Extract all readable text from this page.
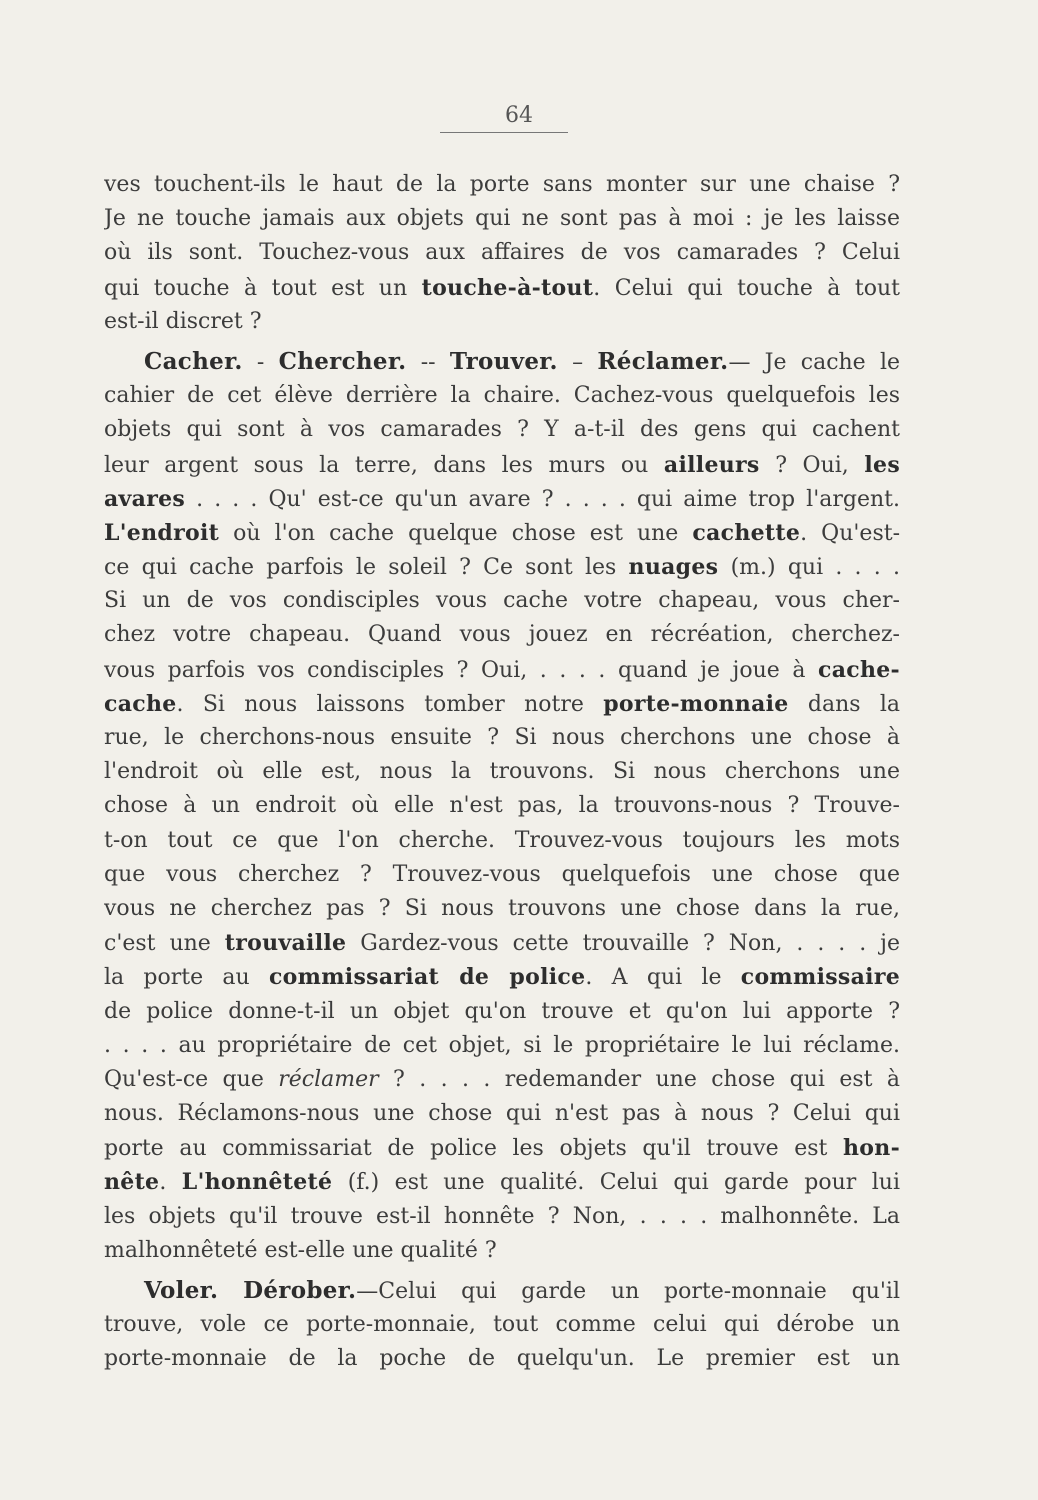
64
ves touchent-ils le haut de la porte sans monter sur une chaise ?
Je ne touche jamais aux objets qui ne sont pas à moi : je les laisse
où ils sont. Touchez-vous aux affaires de vos camarades ? Celui
qui touche à tout est un touche-à-tout. Celui qui touche à tout
est-il discret ?
Cacher. - Chercher. -- Trouver. – Réclamer.— Je cache le
cahier de cet élève derrière la chaire. Cachez-vous quelquefois les
objets qui sont à vos camarades ? Y a-t-il des gens qui cachent
leur argent sous la terre, dans les murs ou ailleurs ? Oui, les
avares . . . . Qu' est-ce qu'un avare ? . . . . qui aime trop l'argent.
L'endroit où l'on cache quelque chose est une cachette. Qu'est-
ce qui cache parfois le soleil ? Ce sont les nuages (m.) qui . . . .
Si un de vos condisciples vous cache votre chapeau, vous cher-
chez votre chapeau. Quand vous jouez en récréation, cherchez-
vous parfois vos condisciples ? Oui, . . . . quand je joue à cache-
cache. Si nous laissons tomber notre porte-monnaie dans la
rue, le cherchons-nous ensuite ? Si nous cherchons une chose à
l'endroit où elle est, nous la trouvons. Si nous cherchons une
chose à un endroit où elle n'est pas, la trouvons-nous ? Trouve-
t-on tout ce que l'on cherche. Trouvez-vous toujours les mots
que vous cherchez ? Trouvez-vous quelquefois une chose que
vous ne cherchez pas ? Si nous trouvons une chose dans la rue,
c'est une trouvaille Gardez-vous cette trouvaille ? Non, . . . . je
la porte au commissariat de police. A qui le commissaire
de police donne-t-il un objet qu'on trouve et qu'on lui apporte ?
. . . . au propriétaire de cet objet, si le propriétaire le lui réclame.
Qu'est-ce que réclamer ? . . . . redemander une chose qui est à
nous. Réclamons-nous une chose qui n'est pas à nous ? Celui qui
porte au commissariat de police les objets qu'il trouve est hon-
nête. L'honnêteté (f.) est une qualité. Celui qui garde pour lui
les objets qu'il trouve est-il honnête ? Non, . . . . malhonnête. La
malhonnêteté est-elle une qualité ?
Voler. Dérober.—Celui qui garde un porte-monnaie qu'il
trouve, vole ce porte-monnaie, tout comme celui qui dérobe un
porte-monnaie de la poche de quelqu'un. Le premier est un
